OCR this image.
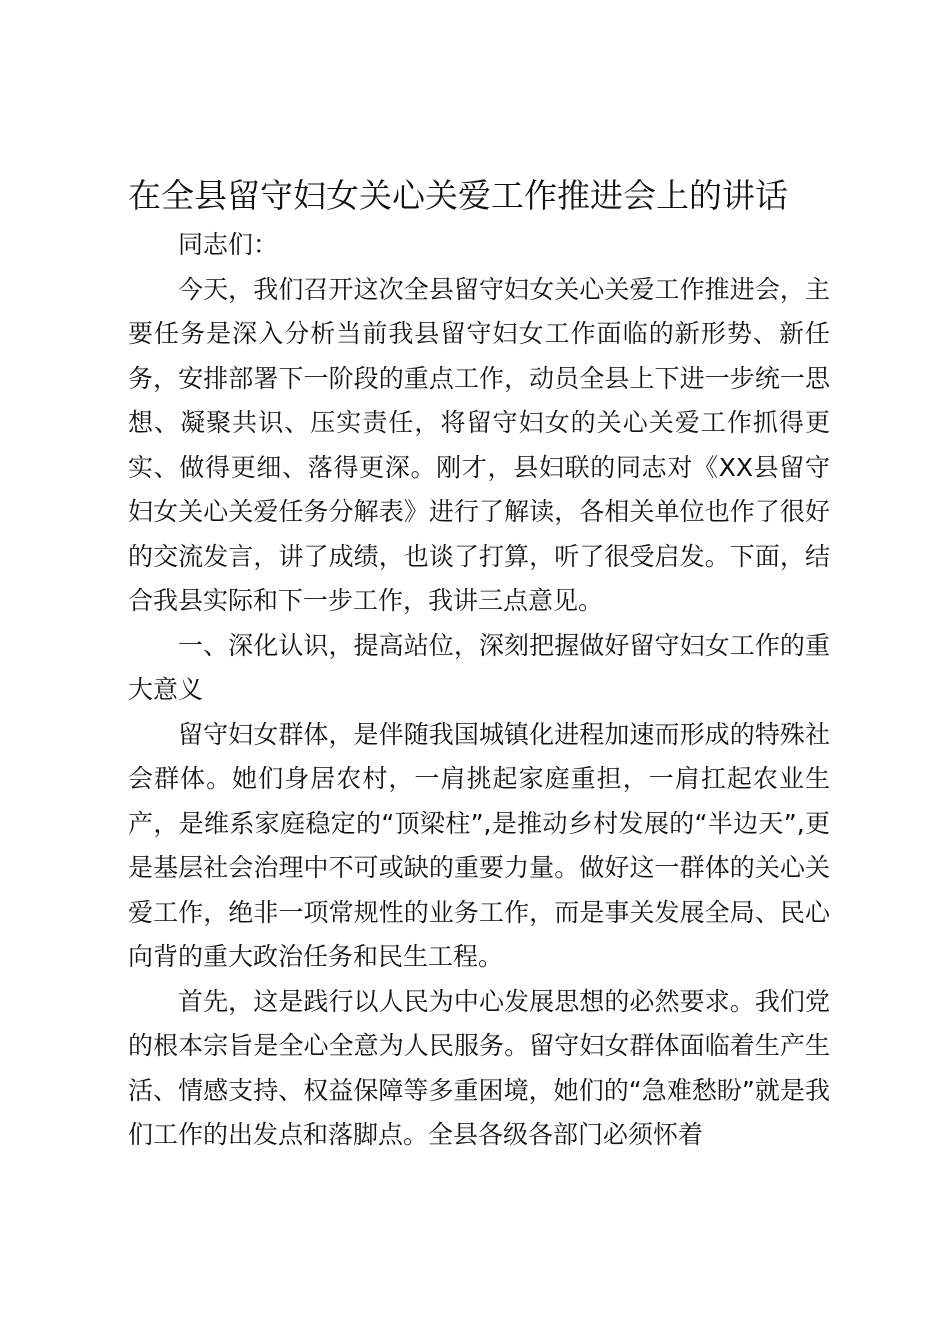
在全县留守妇女关心关爱工作推进会上的讲话

同志们：

今天，我们召开这次全县留守妇女关心关爱工作推进会，主要任务是深入分析当前我县留守妇女工作面临的新形势、新任务，安排部署下一阶段的重点工作，动员全县上下进一步统一思想、凝聚共识、压实责任，将留守妇女的关心关爱工作抓得更实、做得更细、落得更深。刚才，县妇联的同志对《XX县留守妇女关心关爱任务分解表》进行了解读，各相关单位也作了很好的交流发言，讲了成绩，也谈了打算，听了很受启发。下面，结合我县实际和下一步工作，我讲三点意见。

一、深化认识，提高站位，深刻把握做好留守妇女工作的重大意义

留守妇女群体，是伴随我国城镇化进程加速而形成的特殊社会群体。她们身居农村，一肩挑起家庭重担，一肩扛起农业生产，是维系家庭稳定的“顶梁柱”,是推动乡村发展的“半边天”,更是基层社会治理中不可或缺的重要力量。做好这一群体的关心关爱工作，绝非一项常规性的业务工作，而是事关发展全局、民心向背的重大政治任务和民生工程。

首先，这是践行以人民为中心发展思想的必然要求。我们党的根本宗旨是全心全意为人民服务。留守妇女群体面临着生产生活、情感支持、权益保障等多重困境，她们的“急难愁盼”就是我们工作的出发点和落脚点。全县各级各部门必须怀着
